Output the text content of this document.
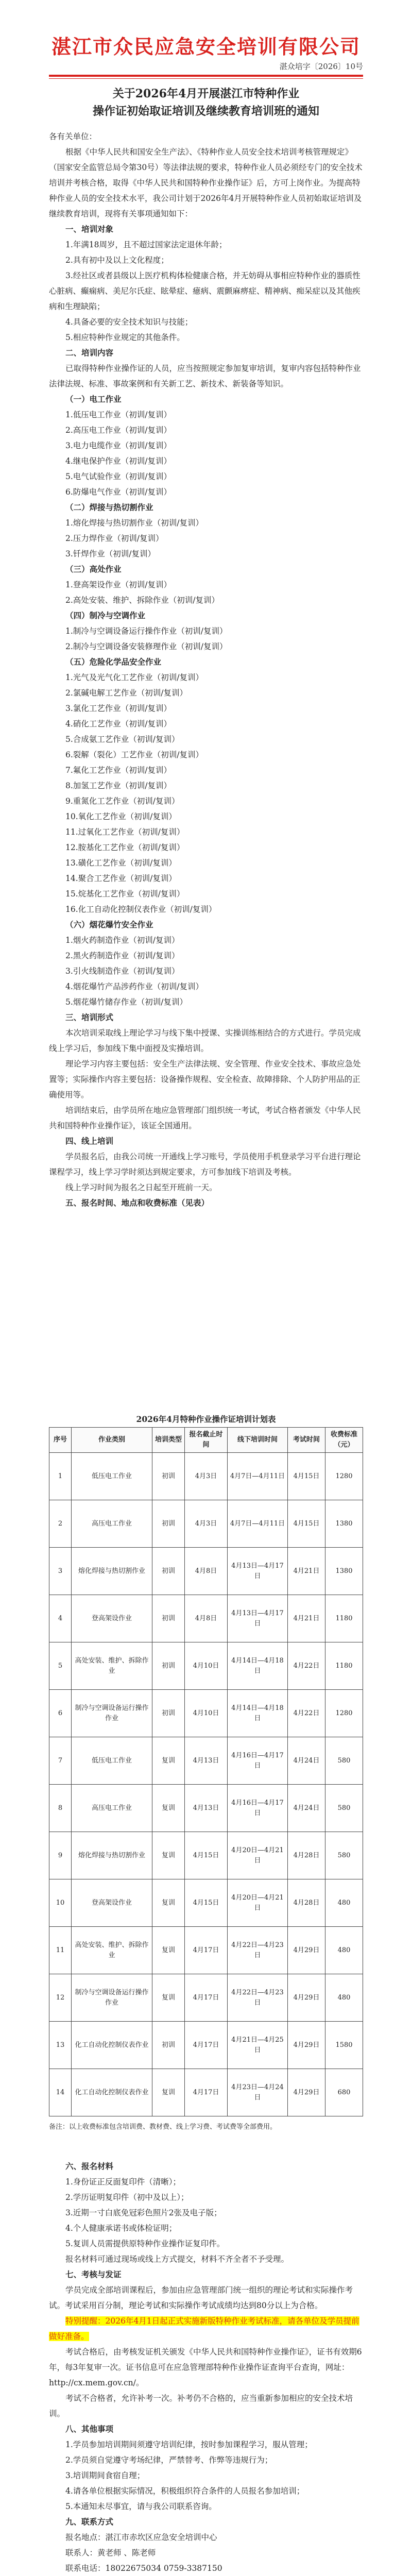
湛江市众民应急安全培训有限公司
湛众培字〔2026〕10号
关于2026年4月开展湛江市特种作业
操作证初始取证培训及继续教育培训班的通知

各有关单位：

根据《中华人民共和国安全生产法》、《特种作业人员安全技术培训考核管理规定》（国家安全监管总局令第30号）等法律法规的要求，特种作业人员必须经专门的安全技术培训并考核合格，取得《中华人民共和国特种作业操作证》后，方可上岗作业。为提高特种作业人员的安全技术水平，我公司计划于2026年4月开展特种作业人员初始取证培训及继续教育培训，现将有关事项通知如下：

一、培训对象

1.年满18周岁，且不超过国家法定退休年龄；

2.具有初中及以上文化程度；

3.经社区或者县级以上医疗机构体检健康合格，并无妨碍从事相应特种作业的器质性心脏病、癫痫病、美尼尔氏症、眩晕症、癔病、震颤麻痹症、精神病、痴呆症以及其他疾病和生理缺陷；

4.具备必要的安全技术知识与技能；

5.相应特种作业规定的其他条件。

二、培训内容

已取得特种作业操作证的人员，应当按照规定参加复审培训，复审内容包括特种作业法律法规、标准、事故案例和有关新工艺、新技术、新装备等知识。

（一）电工作业

1.低压电工作业（初训/复训）

2.高压电工作业（初训/复训）

3.电力电缆作业（初训/复训）

4.继电保护作业（初训/复训）

5.电气试验作业（初训/复训）

6.防爆电气作业（初训/复训）

（二）焊接与热切割作业

1.熔化焊接与热切割作业（初训/复训）

2.压力焊作业（初训/复训）

3.钎焊作业（初训/复训）

（三）高处作业

1.登高架设作业（初训/复训）

2.高处安装、维护、拆除作业（初训/复训）

（四）制冷与空调作业

1.制冷与空调设备运行操作作业（初训/复训）

2.制冷与空调设备安装修理作业（初训/复训）

（五）危险化学品安全作业

1.光气及光气化工艺作业（初训/复训）

2.氯碱电解工艺作业（初训/复训）

3.氯化工艺作业（初训/复训）

4.硝化工艺作业（初训/复训）

5.合成氨工艺作业（初训/复训）

6.裂解（裂化）工艺作业（初训/复训）

7.氟化工艺作业（初训/复训）

8.加氢工艺作业（初训/复训）

9.重氮化工艺作业（初训/复训）

10.氧化工艺作业（初训/复训）

11.过氧化工艺作业（初训/复训）

12.胺基化工艺作业（初训/复训）

13.磺化工艺作业（初训/复训）

14.聚合工艺作业（初训/复训）

15.烷基化工艺作业（初训/复训）

16.化工自动化控制仪表作业（初训/复训）

（六）烟花爆竹安全作业

1.烟火药制造作业（初训/复训）

2.黑火药制造作业（初训/复训）

3.引火线制造作业（初训/复训）

4.烟花爆竹产品涉药作业（初训/复训）

5.烟花爆竹储存作业（初训/复训）

三、培训形式

本次培训采取线上理论学习与线下集中授课、实操训练相结合的方式进行。学员完成线上学习后，参加线下集中面授及实操培训。

理论学习内容主要包括：安全生产法律法规、安全管理、作业安全技术、事故应急处置等；实际操作内容主要包括：设备操作规程、安全检查、故障排除、个人防护用品的正确使用等。

培训结束后，由学员所在地应急管理部门组织统一考试，考试合格者颁发《中华人民共和国特种作业操作证》，该证全国通用。

四、线上培训

学员报名后，由我公司统一开通线上学习账号，学员使用手机登录学习平台进行理论课程学习，线上学习学时须达到规定要求，方可参加线下培训及考核。

线上学习时间为报名之日起至开班前一天。

五、报名时间、地点和收费标准（见表）

2026年4月特种作业操作证培训计划表

序号	作业类别	培训类型	报名截止时间	线下培训时间	考试时间	收费标准（元）
1	低压电工作业	初训	4月3日	4月7日—4月11日	4月15日	1280
2	高压电工作业	初训	4月3日	4月7日—4月11日	4月15日	1380
3	熔化焊接与热切割作业	初训	4月8日	4月13日—4月17日	4月21日	1380
4	登高架设作业	初训	4月8日	4月13日—4月17日	4月21日	1180
5	高处安装、维护、拆除作业	初训	4月10日	4月14日—4月18日	4月22日	1180
6	制冷与空调设备运行操作作业	初训	4月10日	4月14日—4月18日	4月22日	1280
7	低压电工作业	复训	4月13日	4月16日—4月17日	4月24日	580
8	高压电工作业	复训	4月13日	4月16日—4月17日	4月24日	580
9	熔化焊接与热切割作业	复训	4月15日	4月20日—4月21日	4月28日	580
10	登高架设作业	复训	4月15日	4月20日—4月21日	4月28日	480
11	高处安装、维护、拆除作业	复训	4月17日	4月22日—4月23日	4月29日	480
12	制冷与空调设备运行操作作业	复训	4月17日	4月22日—4月23日	4月29日	480
13	化工自动化控制仪表作业	初训	4月17日	4月21日—4月25日	4月29日	1580
14	化工自动化控制仪表作业	复训	4月17日	4月23日—4月24日	4月29日	680

备注：以上收费标准包含培训费、教材费、线上学习费、考试费等全部费用。

六、报名材料

1.身份证正反面复印件（清晰）；

2.学历证明复印件（初中及以上）；

3.近期一寸白底免冠彩色照片2张及电子版；

4.个人健康承诺书或体检证明；

5.复训人员需提供原特种作业操作证复印件。

报名材料可通过现场或线上方式提交，材料不齐全者不予受理。

七、考核与发证

学员完成全部培训课程后，参加由应急管理部门统一组织的理论考试和实际操作考试。考试采用百分制，理论考试和实际操作考试成绩均达到80分以上为合格。

特别提醒：2026年4月1日起正式实施新版特种作业考试标准，请各单位及学员提前做好准备。

考试合格后，由考核发证机关颁发《中华人民共和国特种作业操作证》，证书有效期6年，每3年复审一次。证书信息可在应急管理部特种作业操作证查询平台查询，网址：http://cx.mem.gov.cn/。

考试不合格者，允许补考一次。补考仍不合格的，应当重新参加相应的安全技术培训。

八、其他事项

1.学员参加培训期间须遵守培训纪律，按时参加课程学习，服从管理；

2.学员须自觉遵守考场纪律，严禁替考、作弊等违规行为；

3.培训期间食宿自理；

4.请各单位根据实际情况，积极组织符合条件的人员报名参加培训；

5.本通知未尽事宜，请与我公司联系咨询。

九、联系方式

报名地点：湛江市赤坎区应急安全培训中心

联系人：黄老师 、陈老师

联系电话：18022675034 0759-3387150
